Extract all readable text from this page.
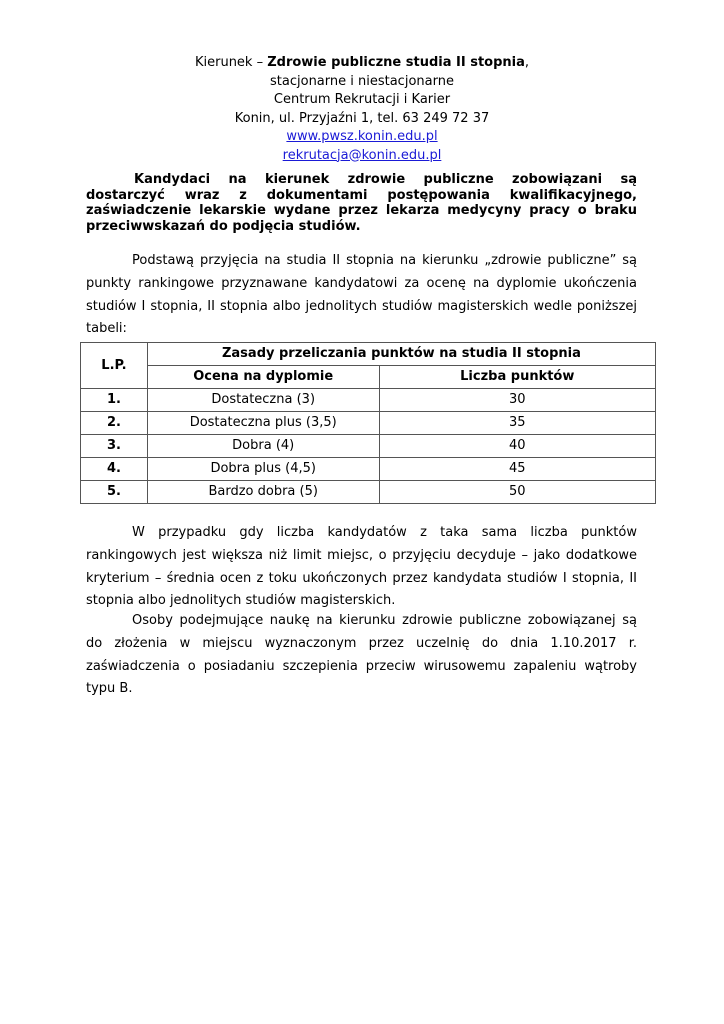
Kierunek – Zdrowie publiczne studia II stopnia,
stacjonarne i niestacjonarne
Centrum Rekrutacji i Karier
Konin, ul. Przyjaźni 1, tel. 63 249 72 37
www.pwsz.konin.edu.pl
rekrutacja@konin.edu.pl

Kandydaci na kierunek zdrowie publiczne zobowiązani są dostarczyć wraz z dokumentami postępowania kwalifikacyjnego, zaświadczenie lekarskie wydane przez lekarza medycyny pracy o braku przeciwwskazań do podjęcia studiów.

Podstawą przyjęcia na studia II stopnia na kierunku „zdrowie publiczne” są punkty rankingowe przyznawane kandydatowi za ocenę na dyplomie ukończenia studiów I stopnia, II stopnia albo jednolitych studiów magisterskich wedle poniższej tabeli:

L.P.	Zasady przeliczania punktów na studia II stopnia	
	Ocena na dyplomie	Liczba punktów
1.	Dostateczna (3)	30
2.	Dostateczna plus (3,5)	35
3.	Dobra (4)	40
4.	Dobra plus (4,5)	45
5.	Bardzo dobra (5)	50

W przypadku gdy liczba kandydatów z taka sama liczba punktów rankingowych jest większa niż limit miejsc, o przyjęciu decyduje – jako dodatkowe kryterium – średnia ocen z toku ukończonych przez kandydata studiów I stopnia, II stopnia albo jednolitych studiów magisterskich.

Osoby podejmujące naukę na kierunku zdrowie publiczne zobowiązanej są do złożenia w miejscu wyznaczonym przez uczelnię do dnia 1.10.2017 r. zaświadczenia o posiadaniu szczepienia przeciw wirusowemu zapaleniu wątroby typu B.
